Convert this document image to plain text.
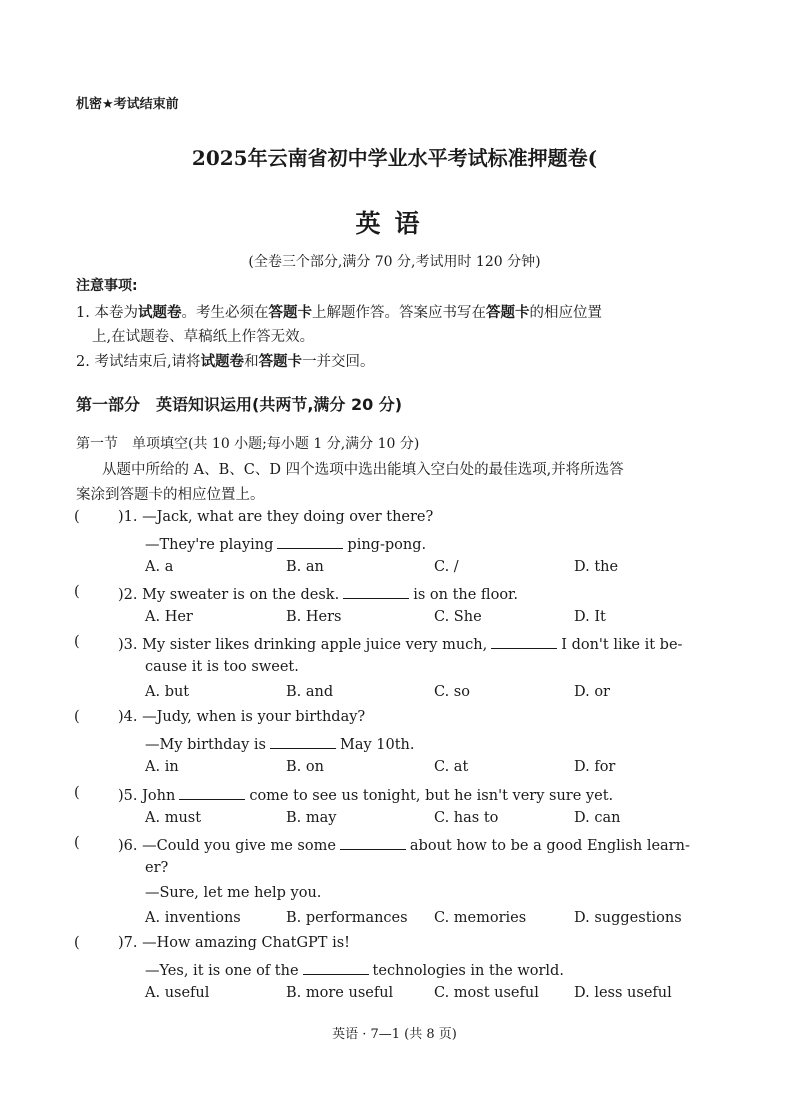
机密★考试结束前
2025年云南省初中学业水平考试标准押题卷(
英语
(全卷三个部分,满分 70 分,考试用时 120 分钟)
注意事项:
1. 本卷为试题卷。考生必须在答题卡上解题作答。答案应书写在答题卡的相应位置
上,在试题卷、草稿纸上作答无效。
2. 考试结束后,请将试题卷和答题卡一并交回。
第一部分　英语知识运用(共两节,满分 20 分)
第一节　单项填空(共 10 小题;每小题 1 分,满分 10 分)
从题中所给的 A、B、C、D 四个选项中选出能填入空白处的最佳选项,并将所选答
案涂到答题卡的相应位置上。
(	)1. —Jack, what are they doing over there?
—They're playing	ping-pong.
A. a	B. an	C. /	D. the
(	)2. My sweater is on the desk.	is on the floor.
A. Her	B. Hers	C. She	D. It
(	)3. My sister likes drinking apple juice very much,	I don't like it be-
cause it is too sweet.
A. but	B. and	C. so	D. or
(	)4. —Judy, when is your birthday?
—My birthday is	May 10th.
A. in	B. on	C. at	D. for
(	)5. John	come to see us tonight, but he isn't very sure yet.
A. must	B. may	C. has to	D. can
(	)6. —Could you give me some	about how to be a good English learn-
er?
—Sure, let me help you.
A. inventions	B. performances C. memories	D. suggestions
(	)7. —How amazing ChatGPT is!
—Yes, it is one of the	technologies in the world.
A. useful	B. more useful	C. most useful D. less useful
英语 · 7—1 (共 8 页)
